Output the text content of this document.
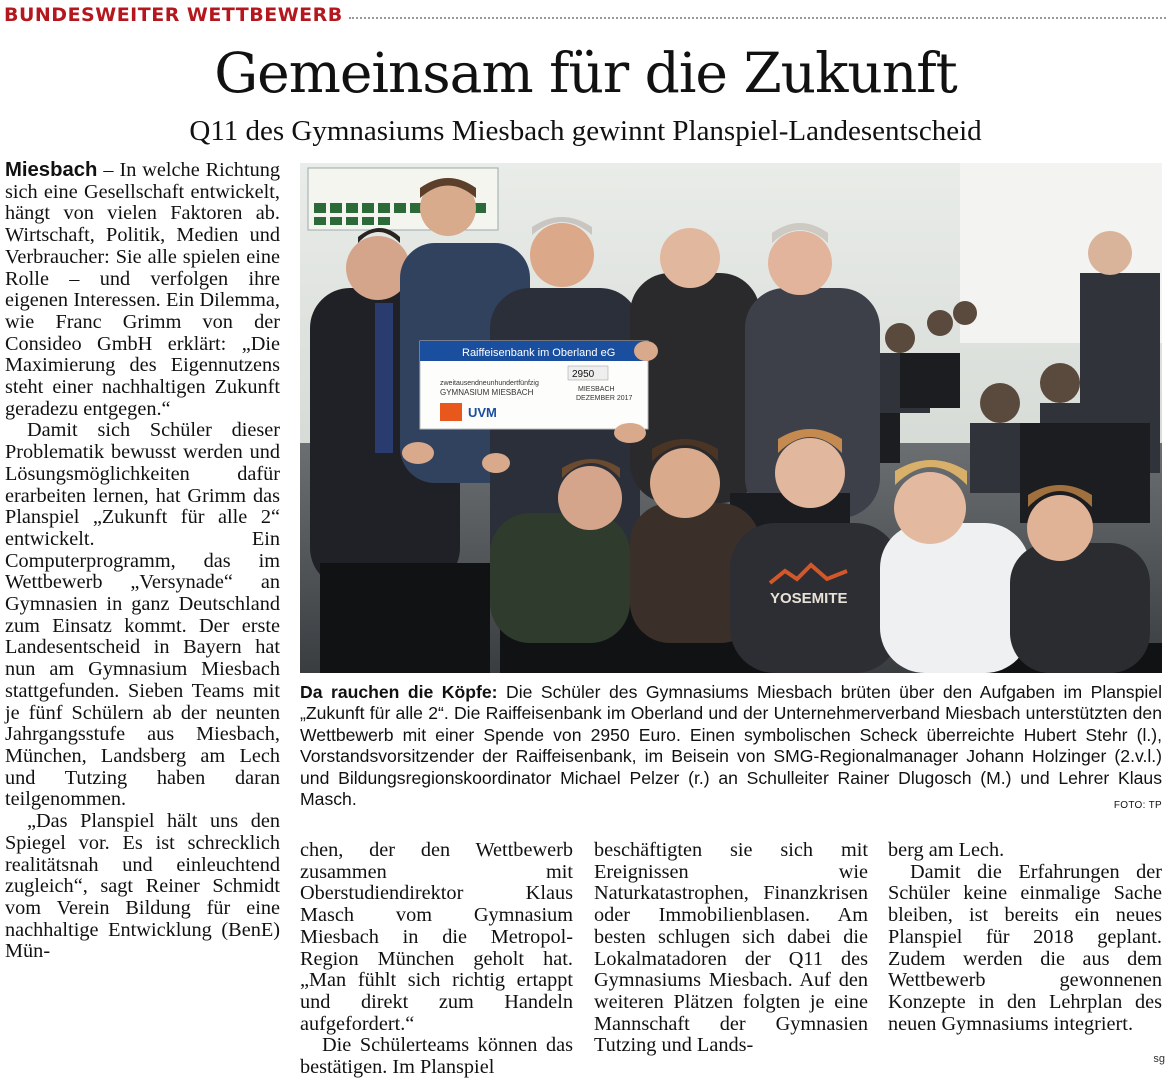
BUNDESWEITER WETTBEWERB
Gemeinsam für die Zukunft
Q11 des Gymnasiums Miesbach gewinnt Planspiel-Landesentscheid

Miesbach – In welche Richtung sich eine Gesellschaft entwickelt, hängt von vielen Faktoren ab. Wirtschaft, Politik, Medien und Verbraucher: Sie alle spielen eine Rolle – und verfolgen ihre eigenen Interessen. Ein Dilemma, wie Franc Grimm von der Consideo GmbH erklärt: „Die Maximierung des Eigennutzens steht einer nachhaltigen Zukunft geradezu entgegen.“

Damit sich Schüler dieser Problematik bewusst werden und Lösungsmöglichkeiten dafür erarbeiten lernen, hat Grimm das Planspiel „Zukunft für alle 2“ entwickelt. Ein Computerprogramm, das im Wettbewerb „Versynade“ an Gymnasien in ganz Deutschland zum Einsatz kommt. Der erste Landesentscheid in Bayern hat nun am Gymnasium Miesbach stattgefunden. Sieben Teams mit je fünf Schülern ab der neunten Jahrgangsstufe aus Miesbach, München, Landsberg am Lech und Tutzing haben daran teilgenommen.

„Das Planspiel hält uns den Spiegel vor. Es ist schrecklich realitätsnah und einleuchtend zugleich“, sagt Reiner Schmidt vom Verein Bildung für eine nachhaltige Entwicklung (BenE) Mün-

Raiffeisenbank im Oberland eG
zweitausendneunhundertfünfzig
GYMNASIUM MIESBACH
2950
MIESBACH
DEZEMBER 2017
UVM
YOSEMITE
Da rauchen die Köpfe: Die Schüler des Gymnasiums Miesbach brüten über den Aufgaben im Planspiel „Zukunft für alle 2“. Die Raiffeisenbank im Oberland und der Unternehmerverband Miesbach unterstützten den Wettbewerb mit einer Spende von 2950 Euro. Einen symbolischen Scheck überreichte Hubert Stehr (l.), Vorstandsvorsitzender der Raiffeisenbank, im Beisein von SMG-Regionalmanager Johann Holzinger (2.v.l.) und Bildungsregionskoordinator Michael Pelzer (r.) an Schulleiter Rainer Dlugosch (M.) und Lehrer Klaus Masch.	FOTO: TP

chen, der den Wettbewerb zusammen mit Oberstudiendirektor Klaus Masch vom Gymnasium Miesbach in die Metropol-Region München geholt hat. „Man fühlt sich richtig ertappt und direkt zum Handeln aufgefordert.“

Die Schülerteams können das bestätigen. Im Planspiel

beschäftigten sie sich mit Ereignissen wie Naturkatastrophen, Finanzkrisen oder Immobilienblasen. Am besten schlugen sich dabei die Lokalmatadoren der Q11 des Gymnasiums Miesbach. Auf den weiteren Plätzen folgten je eine Mannschaft der Gymnasien Tutzing und Lands-

berg am Lech.

Damit die Erfahrungen der Schüler keine einmalige Sache bleiben, ist bereits ein neues Planspiel für 2018 geplant. Zudem werden die aus dem Wettbewerb gewonnenen Konzepte in den Lehrplan des neuen Gymnasiums integriert.

sg
